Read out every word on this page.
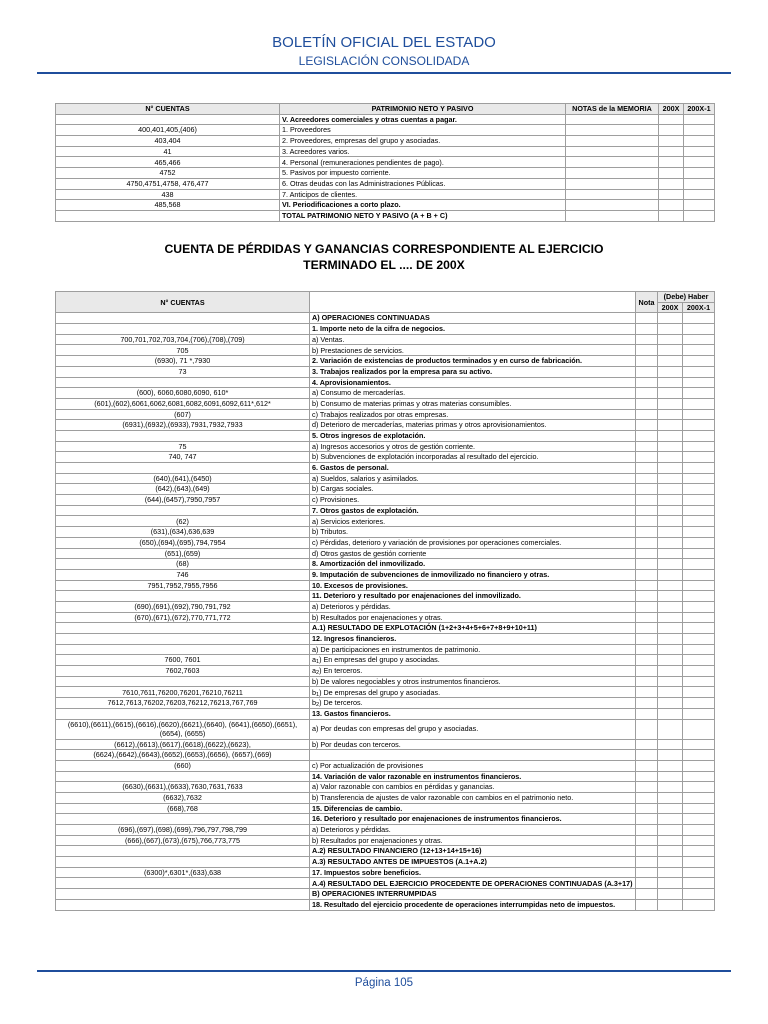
BOLETÍN OFICIAL DEL ESTADO
LEGISLACIÓN CONSOLIDADA
N° CUENTAS	PATRIMONIO NETO Y PASIVO	NOTAS de la MEMORIA	200X	200X-1
	V. Acreedores comerciales y otras cuentas a pagar.			
400,401,405,(406)	1. Proveedores			
403,404	2. Proveedores, empresas del grupo y asociadas.			
41	3. Acreedores varios.			
465,466	4. Personal (remuneraciones pendientes de pago).			
4752	5. Pasivos por impuesto corriente.			
4750,4751,4758, 476,477	6. Otras deudas con las Administraciones Públicas.			
438	7. Anticipos de clientes.			
485,568	VI. Periodificaciones a corto plazo.			
	TOTAL PATRIMONIO NETO Y PASIVO (A + B + C)			
CUENTA DE PÉRDIDAS Y GANANCIAS CORRESPONDIENTE AL EJERCICIO TERMINADO EL .... DE 200X
N° CUENTAS		Nota	(Debe) Haber	
			200X	200X-1
	A) OPERACIONES CONTINUADAS			
	1. Importe neto de la cifra de negocios.			
700,701,702,703,704,(706),(708),(709)	a) Ventas.			
705	b) Prestaciones de servicios.			
(6930), 71 *,7930	2. Variación de existencias de productos terminados y en curso de fabricación.			
73	3. Trabajos realizados por la empresa para su activo.			
	4. Aprovisionamientos.			
(600), 6060,6080,6090, 610*	a) Consumo de mercaderías.			
(601),(602),6061,6062,6081,6082,6091,6092,611*,612*	b) Consumo de materias primas y otras materias consumibles.			
(607)	c) Trabajos realizados por otras empresas.			
(6931),(6932),(6933),7931,7932,7933	d) Deterioro de mercaderías, materias primas y otros aprovisionamientos.			
	5. Otros ingresos de explotación.			
75	a) Ingresos accesorios y otros de gestión corriente.			
740, 747	b) Subvenciones de explotación incorporadas al resultado del ejercicio.			
	6. Gastos de personal.			
(640),(641),(6450)	a) Sueldos, salarios y asimilados.			
(642),(643),(649)	b) Cargas sociales.			
(644),(6457),7950,7957	c) Provisiones.			
	7. Otros gastos de explotación.			
(62)	a) Servicios exteriores.			
(631),(634),636,639	b) Tributos.			
(650),(694),(695),794,7954	c) Pérdidas, deterioro y variación de provisiones por operaciones comerciales.			
(651),(659)	d) Otros gastos de gestión corriente			
(68)	8. Amortización del inmovilizado.			
746	9. Imputación de subvenciones de inmovilizado no financiero y otras.			
7951,7952,7955,7956	10. Excesos de provisiones.			
	11. Deterioro y resultado por enajenaciones del inmovilizado.			
(690),(691),(692),790,791,792	a) Deterioros y pérdidas.			
(670),(671),(672),770,771,772	b) Resultados por enajenaciones y otras.			
	A.1) RESULTADO DE EXPLOTACIÓN (1+2+3+4+5+6+7+8+9+10+11)			
	12. Ingresos financieros.			
	a) De participaciones en instrumentos de patrimonio.			
7600, 7601	$a_1$) En empresas del grupo y asociadas.			
7602,7603	$a_2$) En terceros.			
	b) De valores negociables y otros instrumentos financieros.			
7610,7611,76200,76201,76210,76211	$b_1$) De empresas del grupo y asociadas.			
7612,7613,76202,76203,76212,76213,767,769	$b_2$) De terceros.			
	13. Gastos financieros.			
(6610),(6611),(6615),(6616),(6620),(6621),(6640), (6641),(6650),(6651),(6654), (6655)	a) Por deudas con empresas del grupo y asociadas.			
(6612),(6613),(6617),(6618),(6622),(6623),	b) Por deudas con terceros.			
(6624),(6642),(6643),(6652),(6653),(6656), (6657),(669)				
(660)	c) Por actualización de provisiones			
	14. Variación de valor razonable en instrumentos financieros.			
(6630),(6631),(6633),7630,7631,7633	a) Valor razonable con cambios en pérdidas y ganancias.			
(6632),7632	b) Transferencia de ajustes de valor razonable con cambios en el patrimonio neto.			
(668),768	15. Diferencias de cambio.			
	16. Deterioro y resultado por enajenaciones de instrumentos financieros.			
(696),(697),(698),(699),796,797,798,799	a) Deterioros y pérdidas.			
(666),(667),(673),(675),766,773,775	b) Resultados por enajenaciones y otras.			
	A.2) RESULTADO FINANCIERO (12+13+14+15+16)			
	A.3) RESULTADO ANTES DE IMPUESTOS (A.1+A.2)			
(6300)*,6301*,(633),638	17. Impuestos sobre beneficios.			
	A.4) RESULTADO DEL EJERCICIO PROCEDENTE DE OPERACIONES CONTINUADAS (A.3+17)			
	B) OPERACIONES INTERRUMPIDAS			
	18. Resultado del ejercicio procedente de operaciones interrumpidas neto de impuestos.			
Página 105
